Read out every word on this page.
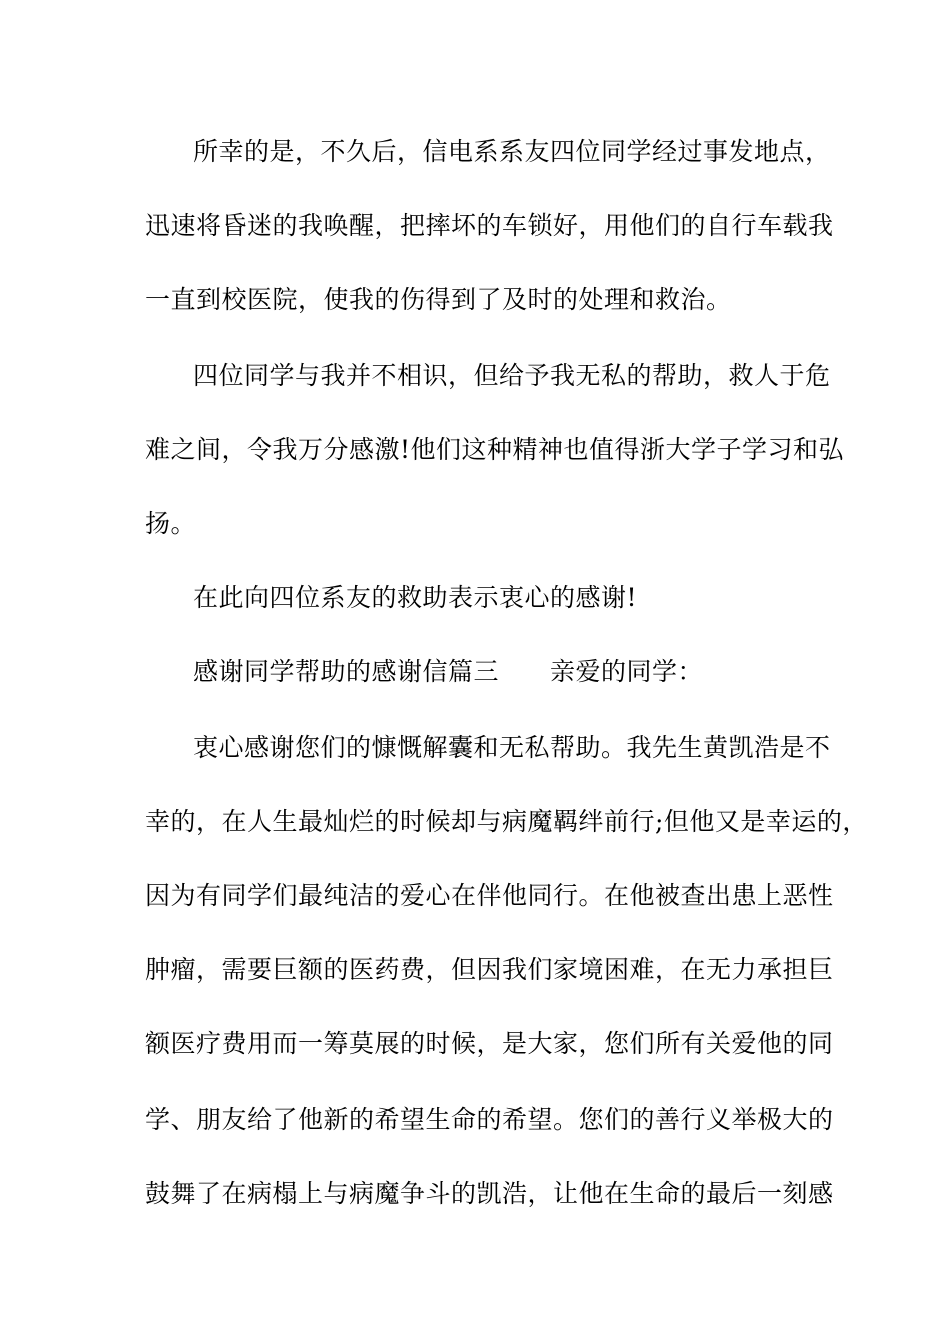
所幸的是，不久后，信电系系友四位同学经过事发地点，

迅速将昏迷的我唤醒，把摔坏的车锁好，用他们的自行车载我

一直到校医院，使我的伤得到了及时的处理和救治。

四位同学与我并不相识，但给予我无私的帮助，救人于危

难之间，令我万分感激!他们这种精神也值得浙大学子学习和弘

扬。

在此向四位系友的救助表示衷心的感谢!

感谢同学帮助的感谢信篇三　　亲爱的同学：

衷心感谢您们的慷慨解囊和无私帮助。我先生黄凯浩是不

幸的，在人生最灿烂的时候却与病魔羁绊前行;但他又是幸运的，

因为有同学们最纯洁的爱心在伴他同行。在他被查出患上恶性

肿瘤，需要巨额的医药费，但因我们家境困难，在无力承担巨

额医疗费用而一筹莫展的时候，是大家，您们所有关爱他的同

学、朋友给了他新的希望生命的希望。您们的善行义举极大的

鼓舞了在病榻上与病魔争斗的凯浩，让他在生命的最后一刻感
